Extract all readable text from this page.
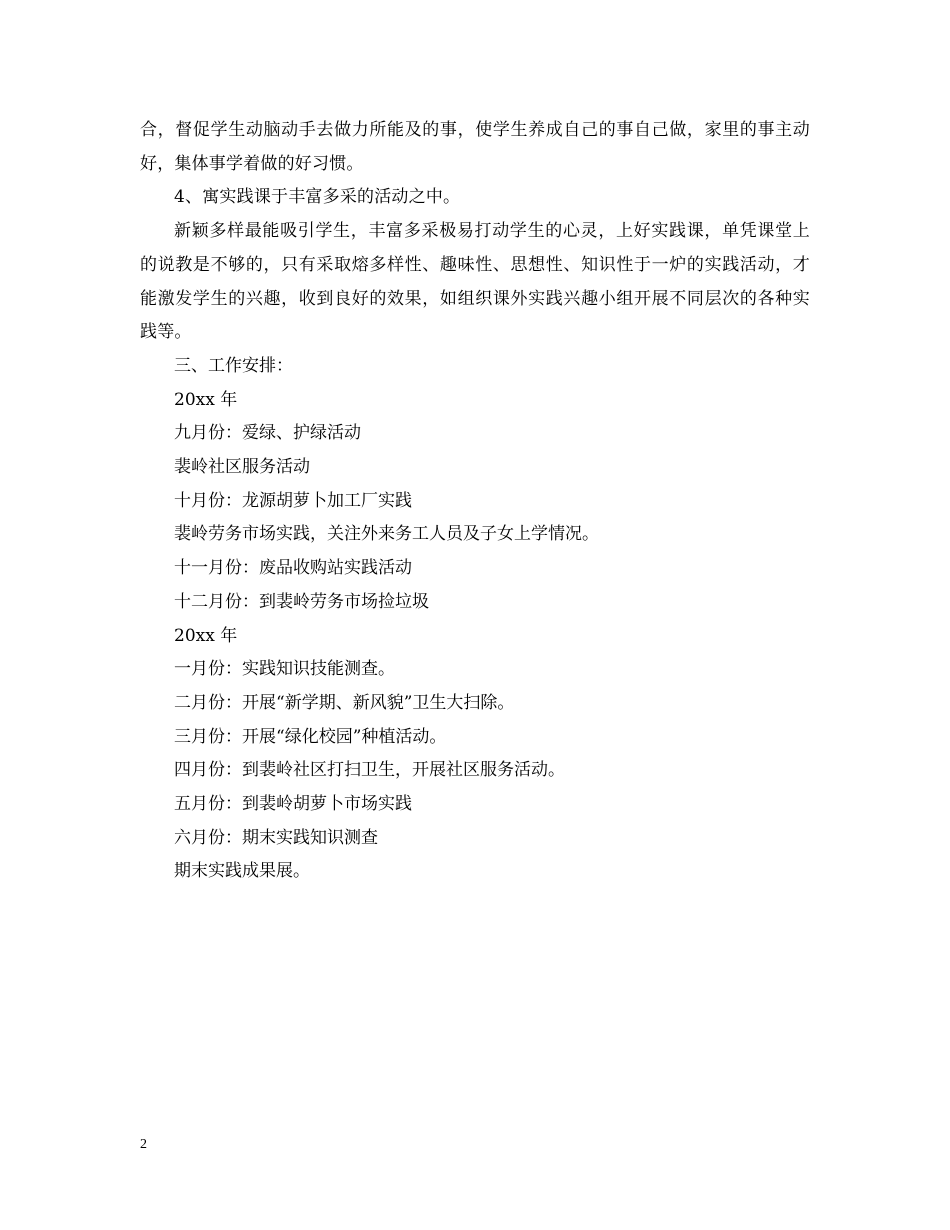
合，督促学生动脑动手去做力所能及的事，使学生养成自己的事自己做，家里的事主动好，集体事学着做的好习惯。

4、寓实践课于丰富多采的活动之中。

新颖多样最能吸引学生，丰富多采极易打动学生的心灵，上好实践课，单凭课堂上的说教是不够的，只有采取熔多样性、趣味性、思想性、知识性于一炉的实践活动，才能激发学生的兴趣，收到良好的效果，如组织课外实践兴趣小组开展不同层次的各种实践等。

三、工作安排：

20xx 年

九月份：爱绿、护绿活动

裴岭社区服务活动

十月份：龙源胡萝卜加工厂实践

裴岭劳务市场实践，关注外来务工人员及子女上学情况。

十一月份：废品收购站实践活动

十二月份：到裴岭劳务市场捡垃圾

20xx 年

一月份：实践知识技能测查。

二月份：开展“新学期、新风貌”卫生大扫除。

三月份：开展“绿化校园”种植活动。

四月份：到裴岭社区打扫卫生，开展社区服务活动。

五月份：到裴岭胡萝卜市场实践

六月份：期末实践知识测查

期末实践成果展。

2
